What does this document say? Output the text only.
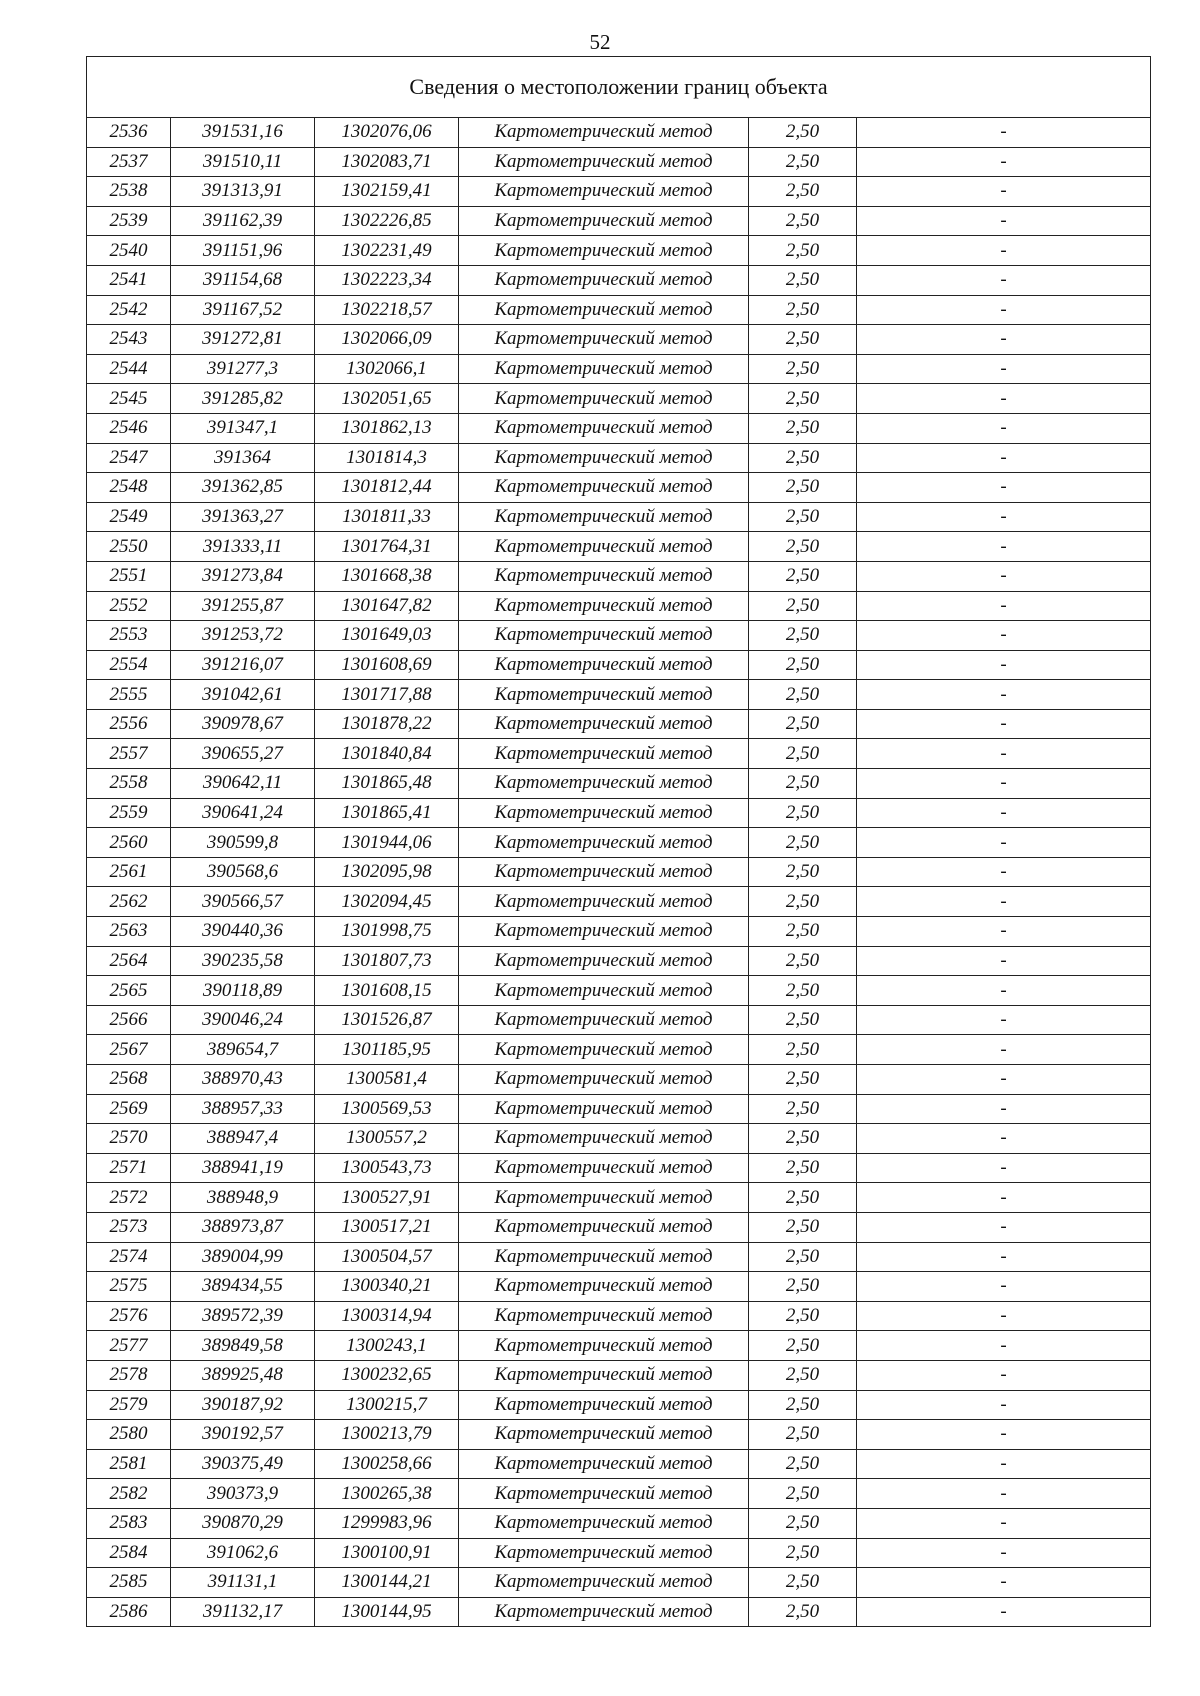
52
Сведения о местоположении границ объекта					
2536	391531,16	1302076,06	Картометрический метод	2,50	-
2537	391510,11	1302083,71	Картометрический метод	2,50	-
2538	391313,91	1302159,41	Картометрический метод	2,50	-
2539	391162,39	1302226,85	Картометрический метод	2,50	-
2540	391151,96	1302231,49	Картометрический метод	2,50	-
2541	391154,68	1302223,34	Картометрический метод	2,50	-
2542	391167,52	1302218,57	Картометрический метод	2,50	-
2543	391272,81	1302066,09	Картометрический метод	2,50	-
2544	391277,3	1302066,1	Картометрический метод	2,50	-
2545	391285,82	1302051,65	Картометрический метод	2,50	-
2546	391347,1	1301862,13	Картометрический метод	2,50	-
2547	391364	1301814,3	Картометрический метод	2,50	-
2548	391362,85	1301812,44	Картометрический метод	2,50	-
2549	391363,27	1301811,33	Картометрический метод	2,50	-
2550	391333,11	1301764,31	Картометрический метод	2,50	-
2551	391273,84	1301668,38	Картометрический метод	2,50	-
2552	391255,87	1301647,82	Картометрический метод	2,50	-
2553	391253,72	1301649,03	Картометрический метод	2,50	-
2554	391216,07	1301608,69	Картометрический метод	2,50	-
2555	391042,61	1301717,88	Картометрический метод	2,50	-
2556	390978,67	1301878,22	Картометрический метод	2,50	-
2557	390655,27	1301840,84	Картометрический метод	2,50	-
2558	390642,11	1301865,48	Картометрический метод	2,50	-
2559	390641,24	1301865,41	Картометрический метод	2,50	-
2560	390599,8	1301944,06	Картометрический метод	2,50	-
2561	390568,6	1302095,98	Картометрический метод	2,50	-
2562	390566,57	1302094,45	Картометрический метод	2,50	-
2563	390440,36	1301998,75	Картометрический метод	2,50	-
2564	390235,58	1301807,73	Картометрический метод	2,50	-
2565	390118,89	1301608,15	Картометрический метод	2,50	-
2566	390046,24	1301526,87	Картометрический метод	2,50	-
2567	389654,7	1301185,95	Картометрический метод	2,50	-
2568	388970,43	1300581,4	Картометрический метод	2,50	-
2569	388957,33	1300569,53	Картометрический метод	2,50	-
2570	388947,4	1300557,2	Картометрический метод	2,50	-
2571	388941,19	1300543,73	Картометрический метод	2,50	-
2572	388948,9	1300527,91	Картометрический метод	2,50	-
2573	388973,87	1300517,21	Картометрический метод	2,50	-
2574	389004,99	1300504,57	Картометрический метод	2,50	-
2575	389434,55	1300340,21	Картометрический метод	2,50	-
2576	389572,39	1300314,94	Картометрический метод	2,50	-
2577	389849,58	1300243,1	Картометрический метод	2,50	-
2578	389925,48	1300232,65	Картометрический метод	2,50	-
2579	390187,92	1300215,7	Картометрический метод	2,50	-
2580	390192,57	1300213,79	Картометрический метод	2,50	-
2581	390375,49	1300258,66	Картометрический метод	2,50	-
2582	390373,9	1300265,38	Картометрический метод	2,50	-
2583	390870,29	1299983,96	Картометрический метод	2,50	-
2584	391062,6	1300100,91	Картометрический метод	2,50	-
2585	391131,1	1300144,21	Картометрический метод	2,50	-
2586	391132,17	1300144,95	Картометрический метод	2,50	-
